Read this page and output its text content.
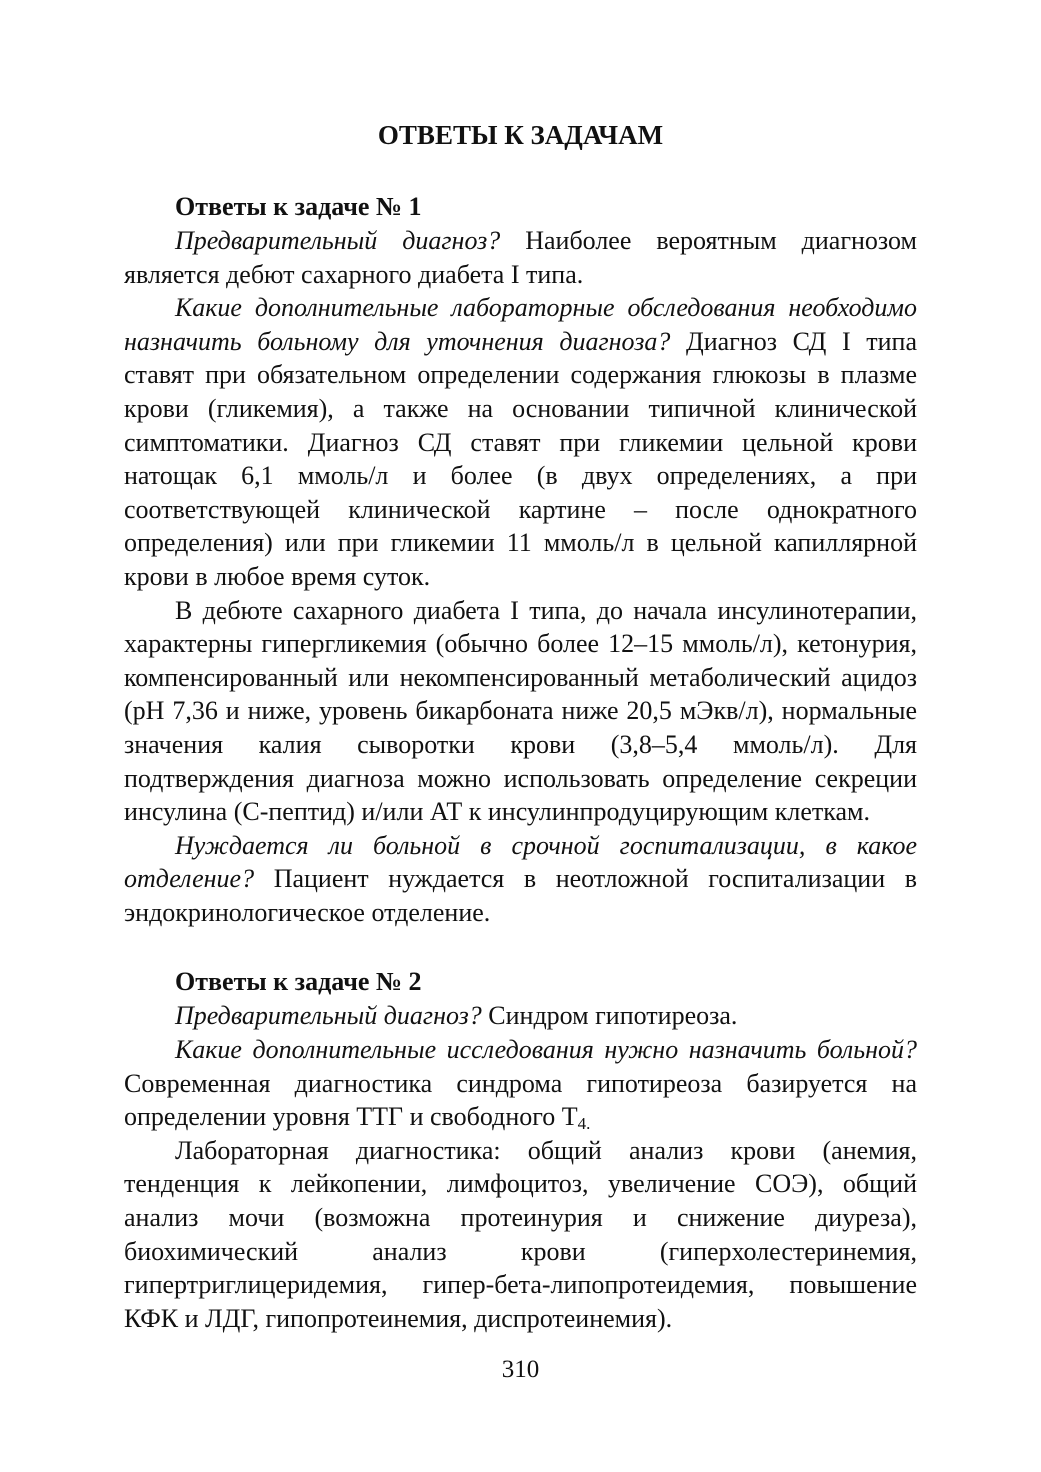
ОТВЕТЫ К ЗАДАЧАМ
Ответы к задаче № 1

Предварительный диагноз? Наиболее вероятным диагнозом является дебют сахарного диабета I типа.

Какие дополнительные лабораторные обследования необходимо назначить больному для уточнения диагноза? Диагноз СД I типа ставят при обязательном определении содержания глюкозы в плазме крови (гликемия), а также на основании типичной клинической симптоматики. Диагноз СД ставят при гликемии цельной крови натощак 6,1 ммоль/л и более (в двух определениях, а при соответствующей клинической картине – после однократного определения) или при гликемии 11 ммоль/л в цельной капиллярной крови в любое время суток.

В дебюте сахарного диабета I типа, до начала инсулинотерапии, характерны гипергликемия (обычно более 12–15 ммоль/л), кетонурия, компенсированный или некомпенсированный метаболический ацидоз (рН 7,36 и ниже, уровень бикарбоната ниже 20,5 мЭкв/л), нормальные значения калия сыворотки крови (3,8–5,4 ммоль/л). Для подтверждения диагноза можно использовать определение секреции инсулина (С-пептид) и/или АТ к инсулинпродуцирующим клеткам.

Нуждается ли больной в срочной госпитализации, в какое отделение? Пациент нуждается в неотложной госпитализации в эндокринологическое отделение.

Ответы к задаче № 2

Предварительный диагноз? Синдром гипотиреоза.

Какие дополнительные исследования нужно назначить больной? Современная диагностика синдрома гипотиреоза базируется на определении уровня ТТГ и свободного $Т_{4.}$

Лабораторная диагностика: общий анализ крови (анемия, тенденция к лейкопении, лимфоцитоз, увеличение СОЭ), общий анализ мочи (возможна протеинурия и снижение диуреза), биохимический анализ крови (гиперхолестеринемия, гипертриглицеридемия, гипер-бета-липопротеидемия, повышение КФК и ЛДГ, гипопротеинемия, диспротеинемия).

310
